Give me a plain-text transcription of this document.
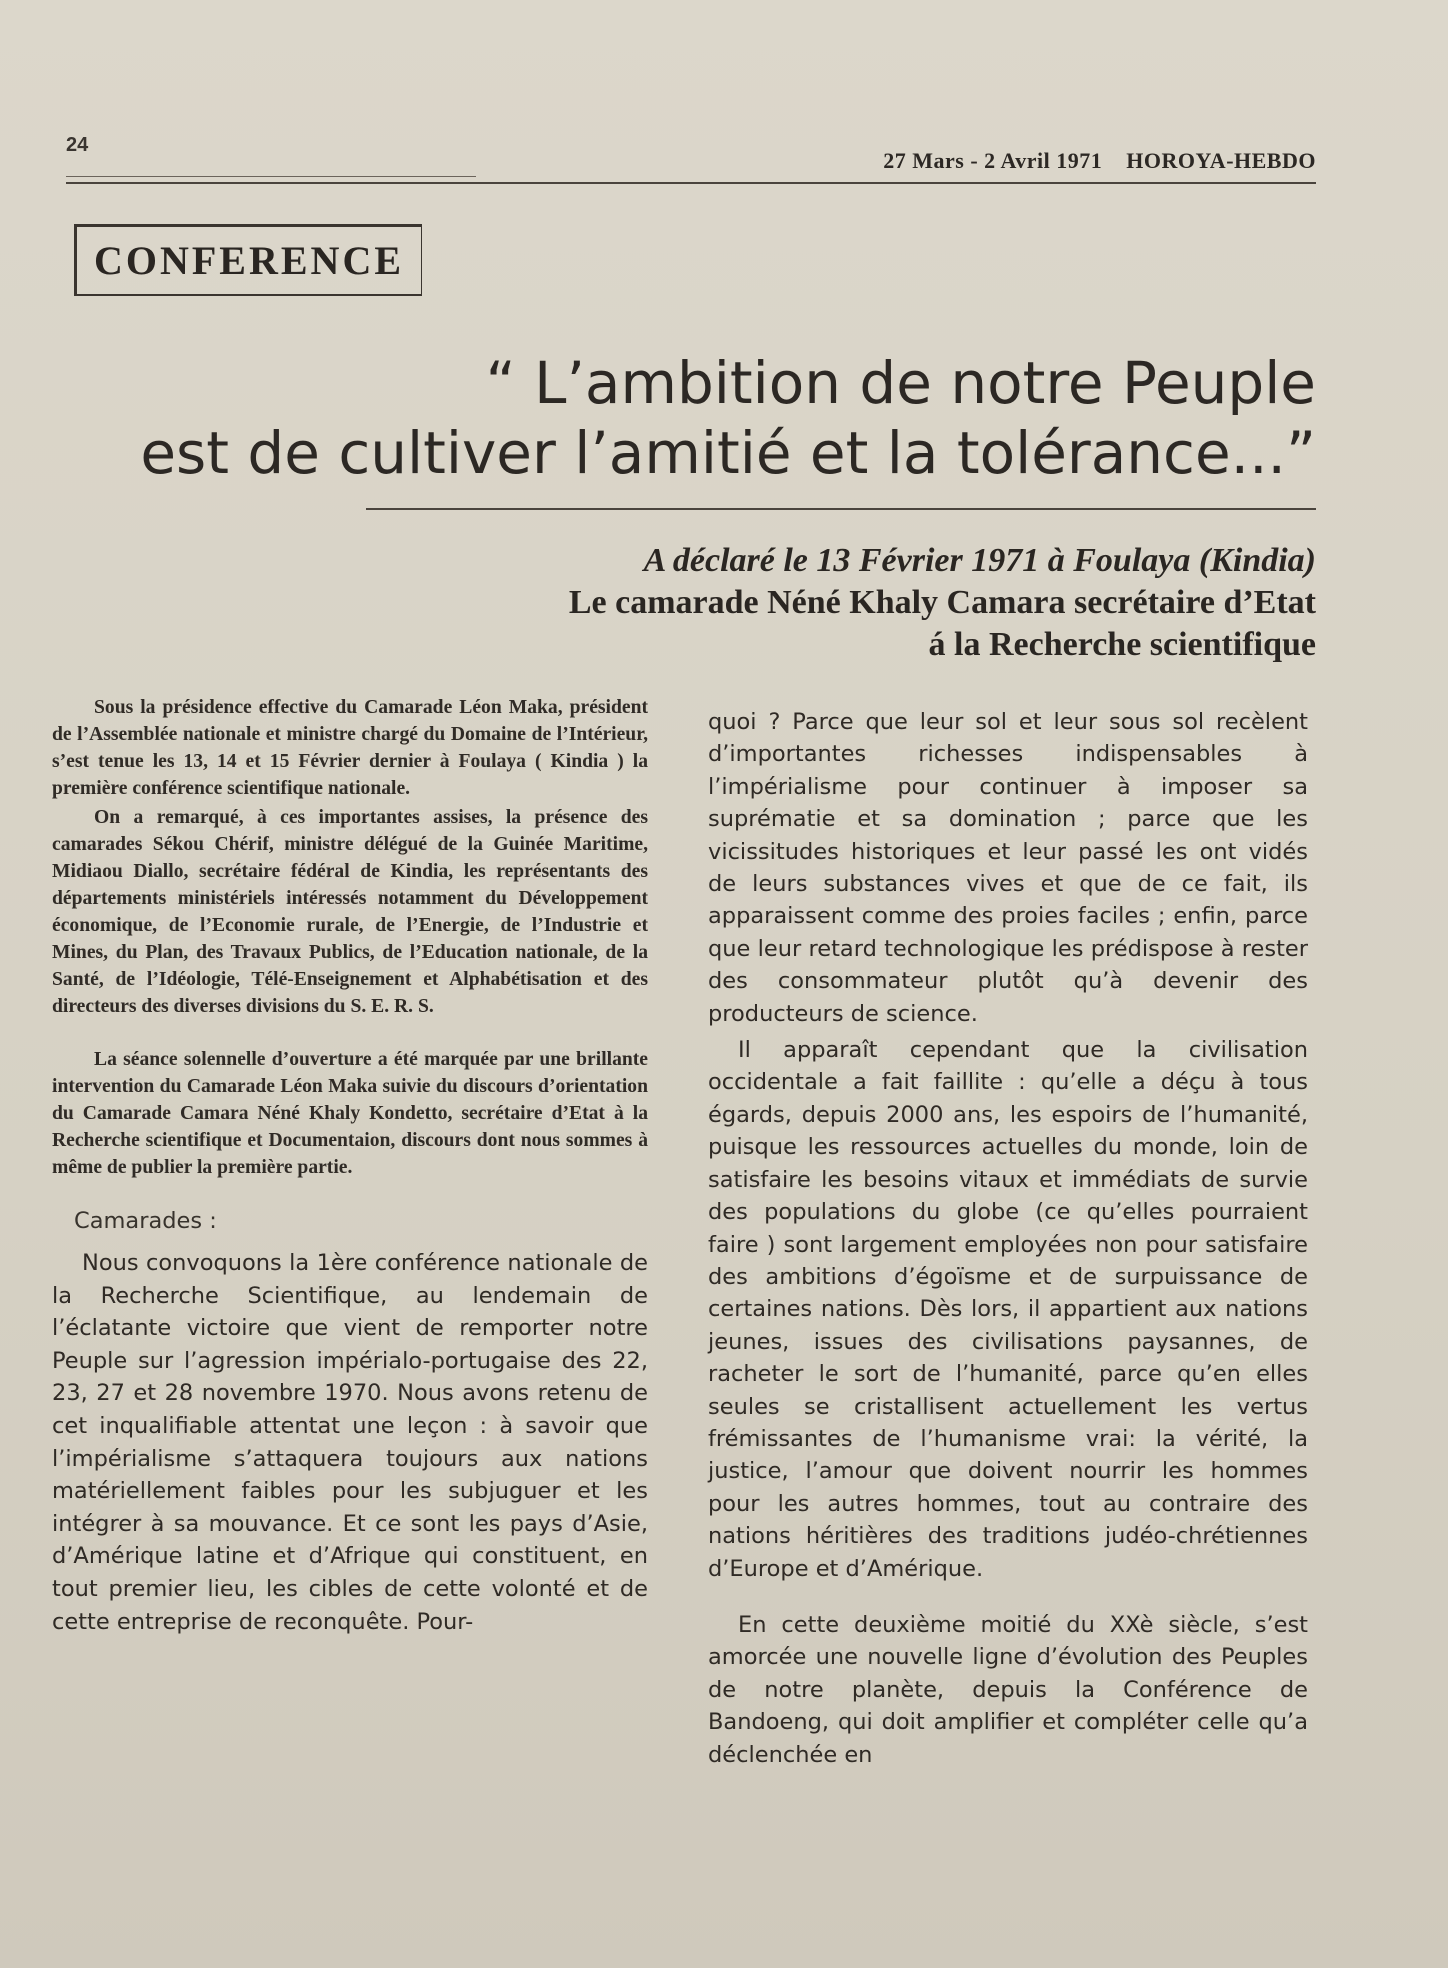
24
27 Mars - 2 Avril 1971 HOROYA-HEBDO
CONFERENCE
“ L’ambition de notre Peuple
est de cultiver l’amitié et la tolérance...”
A déclaré le 13 Février 1971 à Foulaya (Kindia)
Le camarade Néné Khaly Camara secrétaire d’Etat
á la Recherche scientifique

Sous la présidence effective du Camarade Léon Maka, président de l’Assemblée nationale et ministre chargé du Domaine de l’Intérieur, s’est tenue les 13, 14 et 15 Février dernier à Foulaya ( Kindia ) la première conférence scientifique nationale.

On a remarqué, à ces importantes assises, la présence des camarades Sékou Chérif, ministre délégué de la Guinée Maritime, Midiaou Diallo, secrétaire fédéral de Kindia, les représentants des départements ministériels intéressés notamment du Développement économique, de l’Economie rurale, de l’Energie, de l’Industrie et Mines, du Plan, des Travaux Publics, de l’Education nationale, de la Santé, de l’Idéologie, Télé-Enseignement et Alphabétisation et des directeurs des diverses divisions du S. E. R. S.

La séance solennelle d’ouverture a été marquée par une brillante intervention du Camarade Léon Maka suivie du discours d’orientation du Camarade Camara Néné Khaly Kondetto, secrétaire d’Etat à la Recherche scientifique et Documentaion, discours dont nous sommes à même de publier la première partie.

Camarades :

Nous convoquons la 1ère conférence nationale de la Recherche Scientifique, au lendemain de l’éclatante victoire que vient de remporter notre Peuple sur l’agression impérialo-portugaise des 22, 23, 27 et 28 novembre 1970. Nous avons retenu de cet inqualifiable attentat une leçon : à savoir que l’impérialisme s’attaquera toujours aux nations matériellement faibles pour les subjuguer et les intégrer à sa mouvance. Et ce sont les pays d’Asie, d’Amérique latine et d’Afrique qui constituent, en tout premier lieu, les cibles de cette volonté et de cette entreprise de reconquête. Pour-

quoi ? Parce que leur sol et leur sous sol recèlent d’importantes richesses indispensables à l’impérialisme pour continuer à imposer sa suprématie et sa domination ; parce que les vicissitudes historiques et leur passé les ont vidés de leurs substances vives et que de ce fait, ils apparaissent comme des proies faciles ; enfin, parce que leur retard technologique les prédispose à rester des consommateur plutôt qu’à devenir des producteurs de science.

Il apparaît cependant que la civilisation occidentale a fait faillite : qu’elle a déçu à tous égards, depuis 2000 ans, les espoirs de l’humanité, puisque les ressources actuelles du monde, loin de satisfaire les besoins vitaux et immédiats de survie des populations du globe (ce qu’elles pourraient faire ) sont largement employées non pour satisfaire des ambitions d’égoïsme et de surpuissance de certaines nations. Dès lors, il appartient aux nations jeunes, issues des civilisations paysannes, de racheter le sort de l’humanité, parce qu’en elles seules se cristallisent actuellement les vertus frémissantes de l’humanisme vrai: la vérité, la justice, l’amour que doivent nourrir les hommes pour les autres hommes, tout au contraire des nations héritières des traditions judéo-chrétiennes d’Europe et d’Amérique.

En cette deuxième moitié du XXè siècle, s’est amorcée une nouvelle ligne d’évolution des Peuples de notre planète, depuis la Conférence de Bandoeng, qui doit amplifier et compléter celle qu’a déclenchée en
